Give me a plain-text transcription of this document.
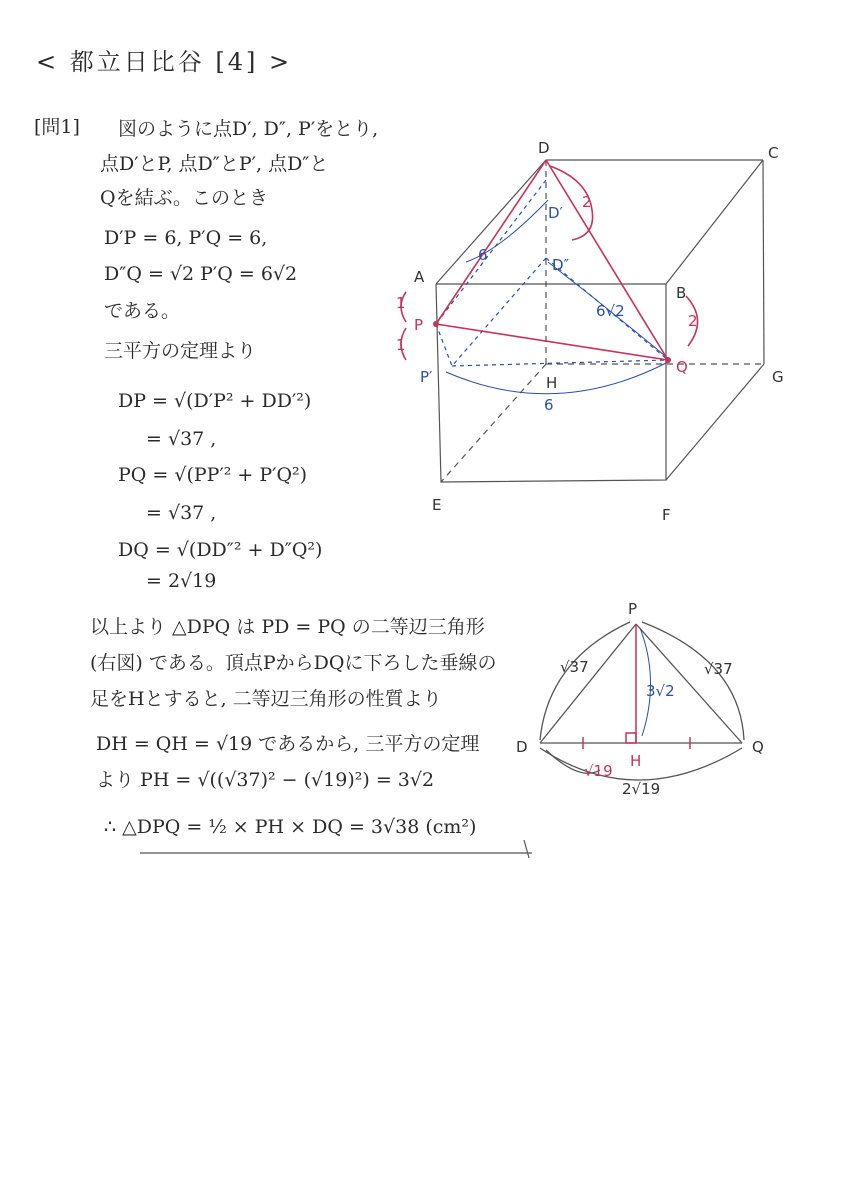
< 都立日比谷 [4] >
[問1] 図のように点D′, D″, P′をとり,
点D′とP, 点D″とP′, 点D″と
Qを結ぶ。このとき
D′P = 6, P′Q = 6,
D″Q = √2 P′Q = 6√2
である。
三平方の定理より
DP = √(D′P² + DD′²)
= √37 ,
PQ = √(PP′² + P′Q²)
= √37 ,
DQ = √(DD″² + D″Q²)
= 2√19
以上より △DPQ は PD = PQ の二等辺三角形
(右図) である。頂点PからDQに下ろした垂線の
足をHとすると, 二等辺三角形の性質より
DH = QH = √19 であるから, 三平方の定理
より PH = √((√37)² − (√19)²) = 3√2
∴ △DPQ = ½ × PH × DQ = 3√38 (cm²)
D	C
A
B
G
E
F
H
P
Q
P′
D′
D″
6
6
6√2
2
1
1
2
P
D	Q
H
√37	√37
3√2
√19
2√19
